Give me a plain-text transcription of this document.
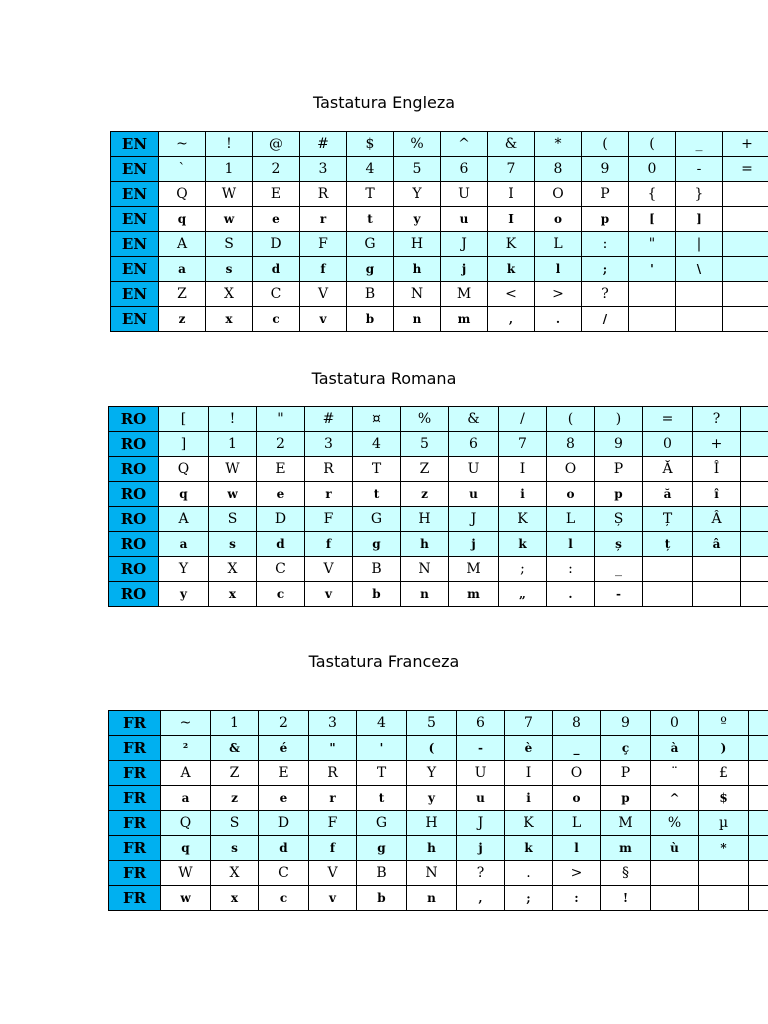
Tastatura Engleza
EN	~	!	@	#	$	%	^	&	*	(	(	_	+
EN	`	1	2	3	4	5	6	7	8	9	0	-	=
EN	Q	W	E	R	T	Y	U	I	O	P	{	}	
EN	q	w	e	r	t	y	u	I	o	p	[	]	
EN	A	S	D	F	G	H	J	K	L	:	"	|	
EN	a	s	d	f	g	h	j	k	l	;	'	\	
EN	Z	X	C	V	B	N	M	<	>	?			
EN	z	x	c	v	b	n	m	,	.	/			
Tastatura Romana
RO	[	!	"	#	¤	%	&	/	(	)	=	?	
RO	]	1	2	3	4	5	6	7	8	9	0	+	
RO	Q	W	E	R	T	Z	U	I	O	P	Ă	Î	
RO	q	w	e	r	t	z	u	i	o	p	ă	î	
RO	A	S	D	F	G	H	J	K	L	Ș	Ț	Â	
RO	a	s	d	f	g	h	j	k	l	ș	ț	â	
RO	Y	X	C	V	B	N	M	;	:	_			
RO	y	x	c	v	b	n	m	„	.	-			
Tastatura Franceza
FR	~	1	2	3	4	5	6	7	8	9	0	º	
FR	²	&	é	"	'	(	-	è	_	ç	à	)	
FR	A	Z	E	R	T	Y	U	I	O	P	¨	£	
FR	a	z	e	r	t	y	u	i	o	p	^	$	
FR	Q	S	D	F	G	H	J	K	L	M	%	µ	
FR	q	s	d	f	g	h	j	k	l	m	ù	*	
FR	W	X	C	V	B	N	?	.	>	§			
FR	w	x	c	v	b	n	,	;	:	!			
